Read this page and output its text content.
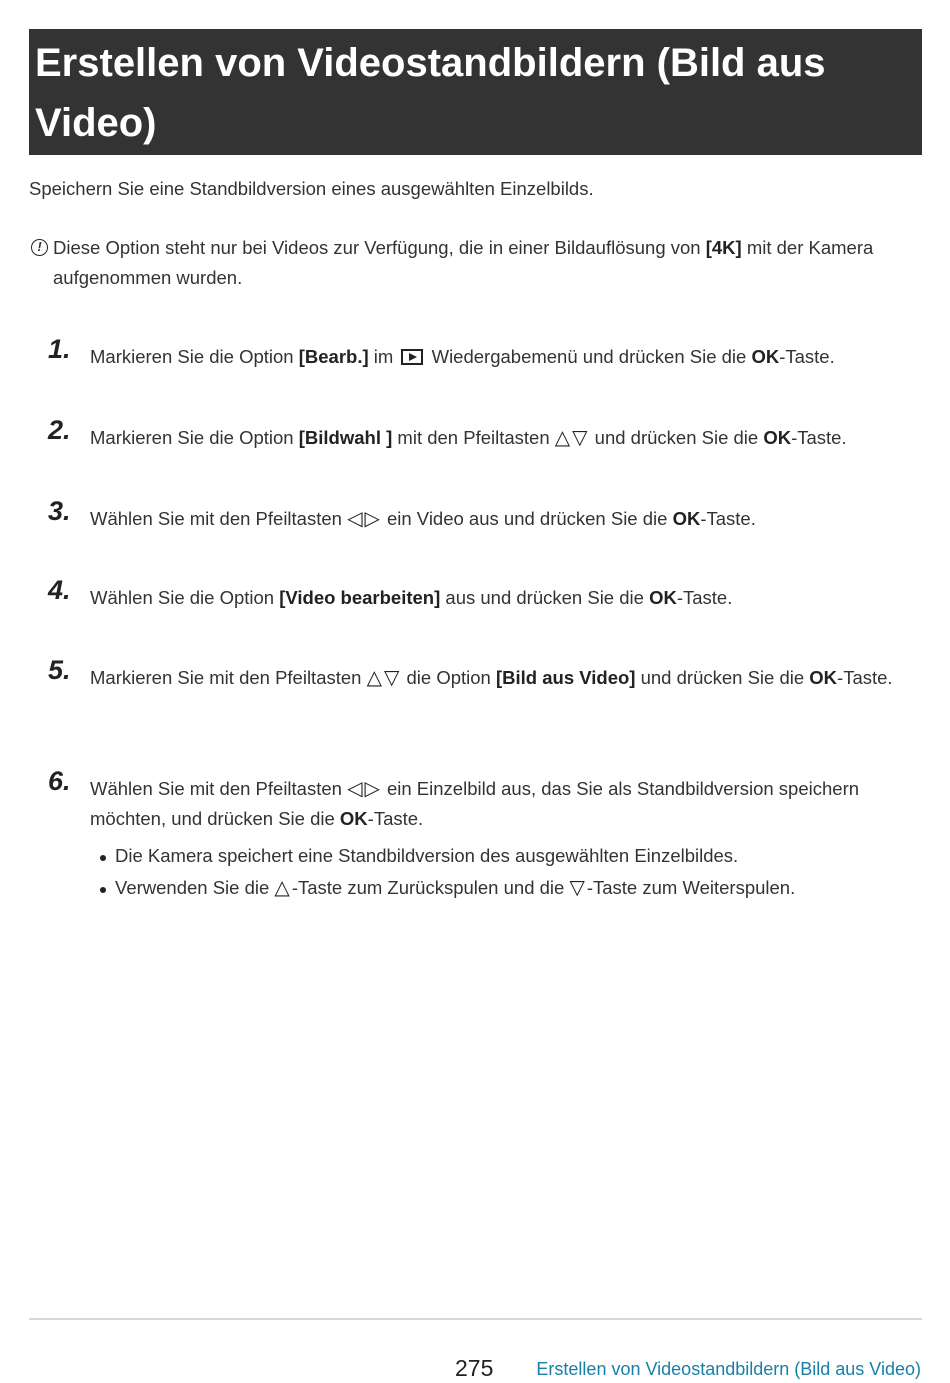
Erstellen von Videostandbildern (Bild aus Video)
Speichern Sie eine Standbildversion eines ausgewählten Einzelbilds.
! Diese Option steht nur bei Videos zur Verfügung, die in einer Bildauflösung von [4K] mit der Kamera aufgenommen wurden.
1. Markieren Sie die Option [Bearb.] im  Wiedergabemenü und drücken Sie die OK-Taste.
2. Markieren Sie die Option [Bildwahl ] mit den Pfeiltasten △▽ und drücken Sie die OK-Taste.
3. Wählen Sie mit den Pfeiltasten ◁▷ ein Video aus und drücken Sie die OK-Taste.
4. Wählen Sie die Option [Video bearbeiten] aus und drücken Sie die OK-Taste.
5. Markieren Sie mit den Pfeiltasten △▽ die Option [Bild aus Video] und drücken Sie die OK-Taste.
6. Wählen Sie mit den Pfeiltasten ◁▷ ein Einzelbild aus, das Sie als Standbildversion speichern möchten, und drücken Sie die OK-Taste.
Die Kamera speichert eine Standbildversion des ausgewählten Einzelbildes.
Verwenden Sie die △-Taste zum Zurückspulen und die ▽-Taste zum Weiterspulen.
275 Erstellen von Videostandbildern (Bild aus Video)
